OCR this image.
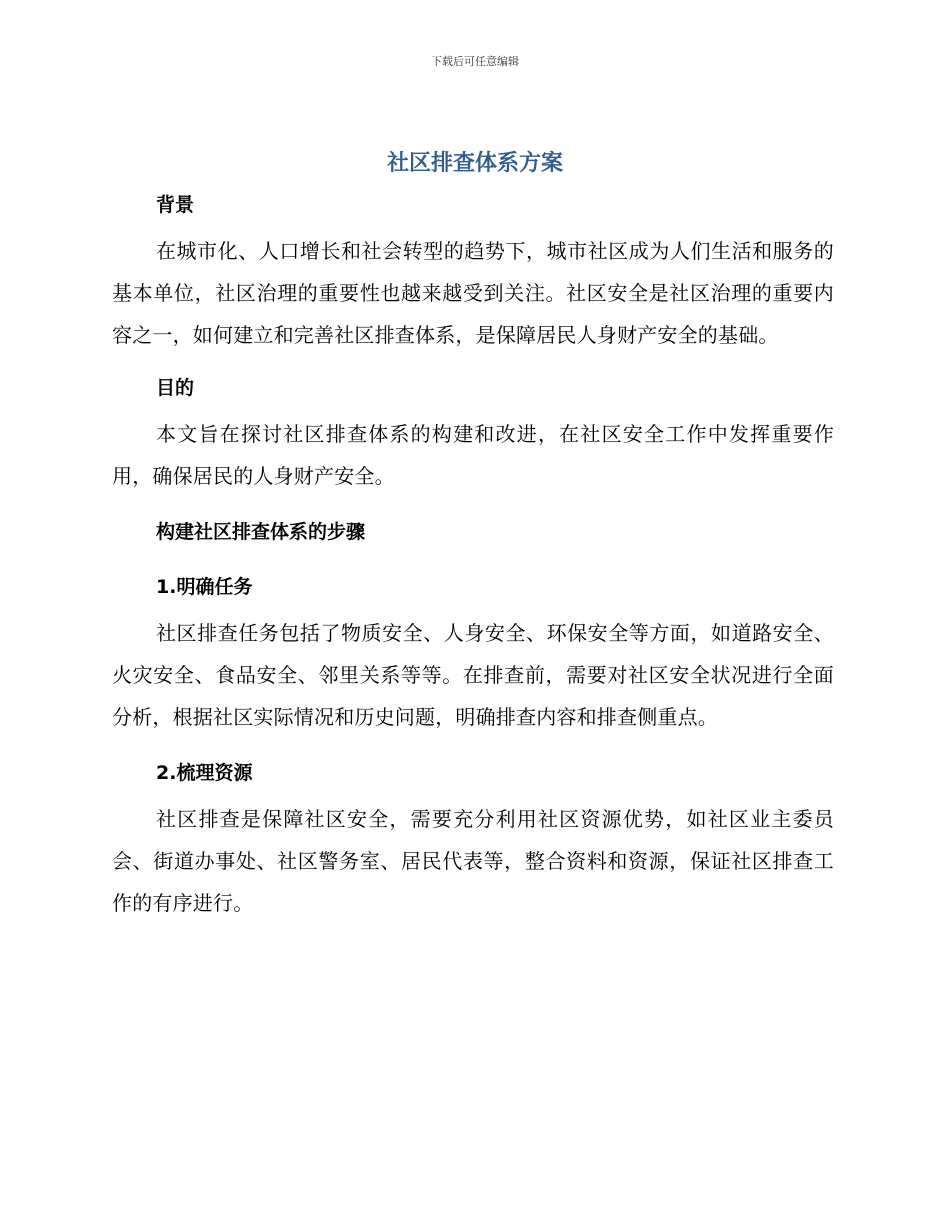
下载后可任意编辑
社区排查体系方案
背景

在城市化、人口增长和社会转型的趋势下，城市社区成为人们生活和服务的基本单位，社区治理的重要性也越来越受到关注。社区安全是社区治理的重要内容之一，如何建立和完善社区排查体系，是保障居民人身财产安全的基础。

目的

本文旨在探讨社区排查体系的构建和改进，在社区安全工作中发挥重要作用，确保居民的人身财产安全。

构建社区排查体系的步骤
1.明确任务

社区排查任务包括了物质安全、人身安全、环保安全等方面，如道路安全、火灾安全、食品安全、邻里关系等等。在排查前，需要对社区安全状况进行全面分析，根据社区实际情况和历史问题，明确排查内容和排查侧重点。

2.梳理资源

社区排查是保障社区安全，需要充分利用社区资源优势，如社区业主委员会、街道办事处、社区警务室、居民代表等，整合资料和资源，保证社区排查工作的有序进行。
